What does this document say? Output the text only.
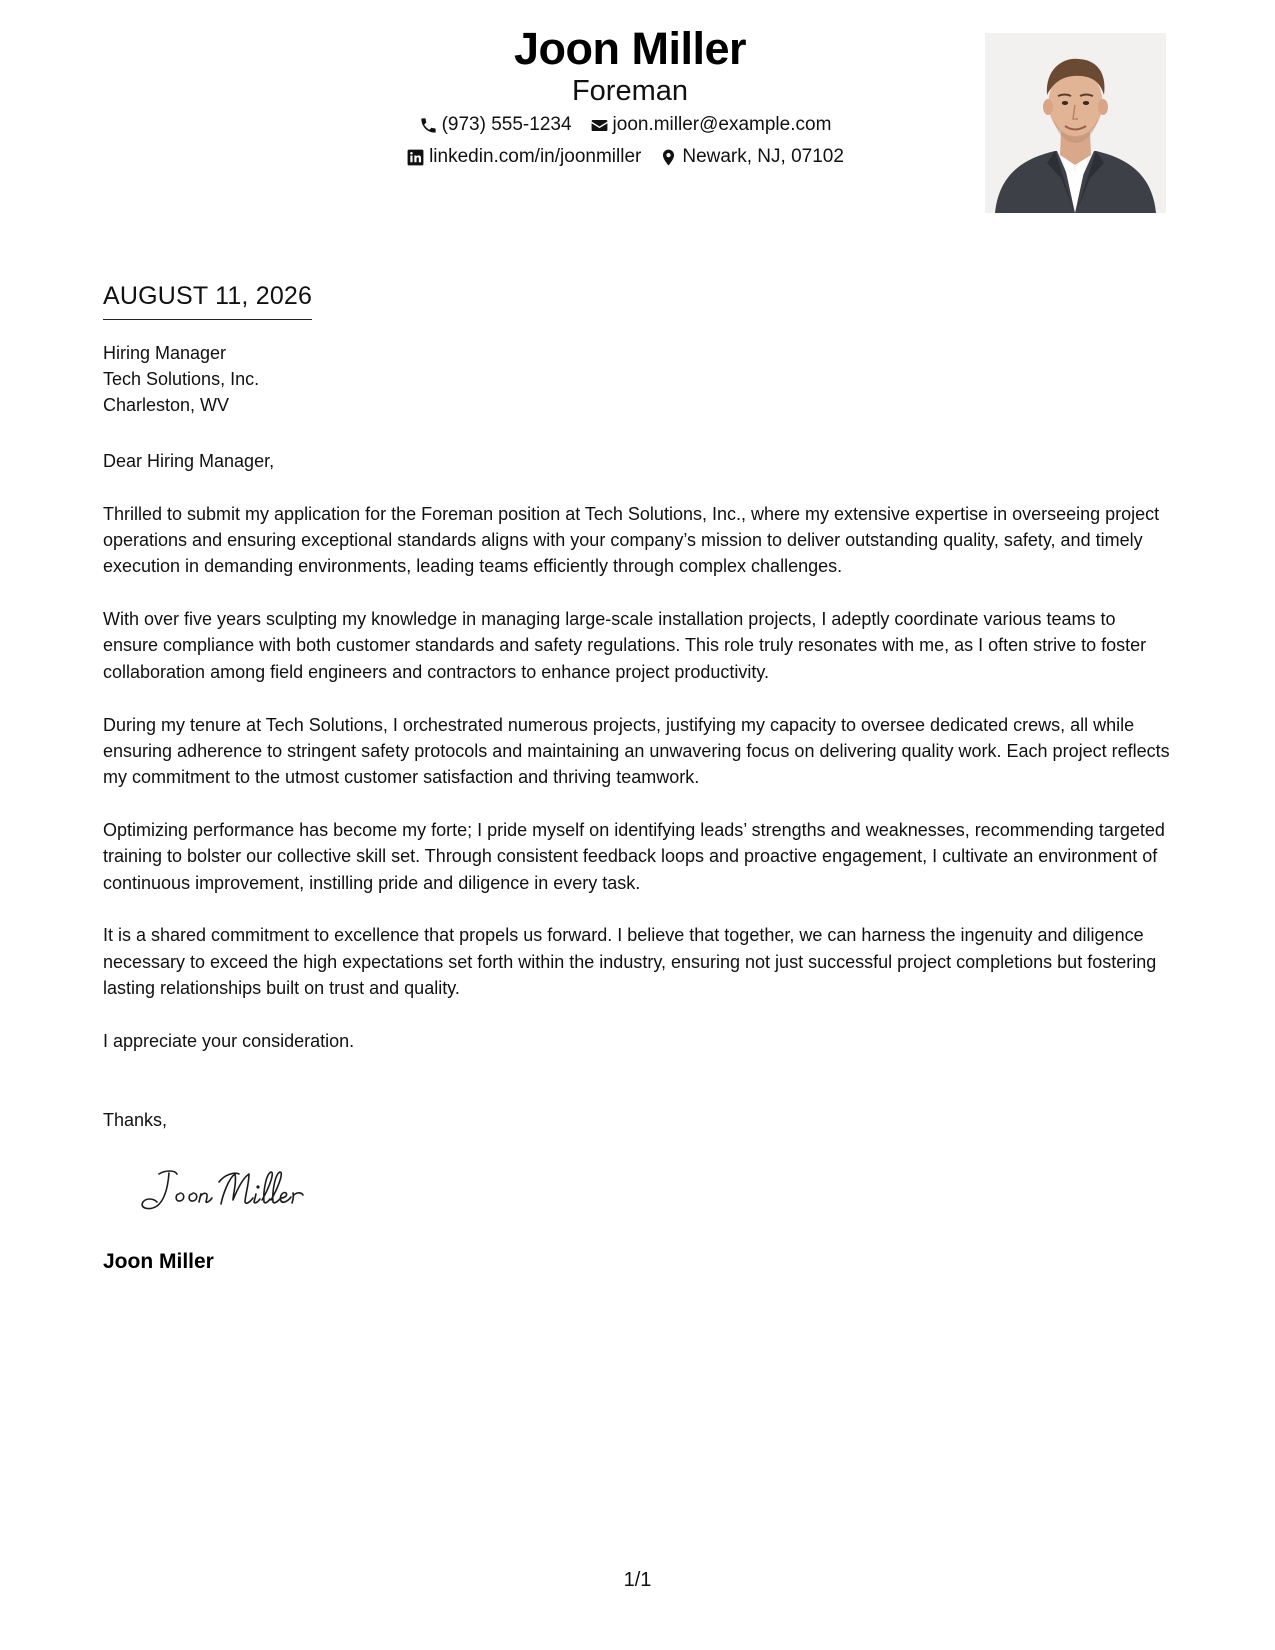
Joon Miller
Foreman
(973) 555-1234 joon.miller@example.com
linkedin.com/in/joonmiller Newark, NJ, 07102
AUGUST 11, 2026
Hiring Manager
Tech Solutions, Inc.
Charleston, WV

Dear Hiring Manager,

Thrilled to submit my application for the Foreman position at Tech Solutions, Inc., where my extensive expertise in overseeing project operations and ensuring exceptional standards aligns with your company’s mission to deliver outstanding quality, safety, and timely execution in demanding environments, leading teams efficiently through complex challenges.

With over five years sculpting my knowledge in managing large-scale installation projects, I adeptly coordinate various teams to ensure compliance with both customer standards and safety regulations. This role truly resonates with me, as I often strive to foster collaboration among field engineers and contractors to enhance project productivity.

During my tenure at Tech Solutions, I orchestrated numerous projects, justifying my capacity to oversee dedicated crews, all while ensuring adherence to stringent safety protocols and maintaining an unwavering focus on delivering quality work. Each project reflects my commitment to the utmost customer satisfaction and thriving teamwork.

Optimizing performance has become my forte; I pride myself on identifying leads’ strengths and weaknesses, recommending targeted training to bolster our collective skill set. Through consistent feedback loops and proactive engagement, I cultivate an environment of continuous improvement, instilling pride and diligence in every task.

It is a shared commitment to excellence that propels us forward. I believe that together, we can harness the ingenuity and diligence necessary to exceed the high expectations set forth within the industry, ensuring not just successful project completions but fostering lasting relationships built on trust and quality.

I appreciate your consideration.

Thanks,
Joon Miller
1/1
